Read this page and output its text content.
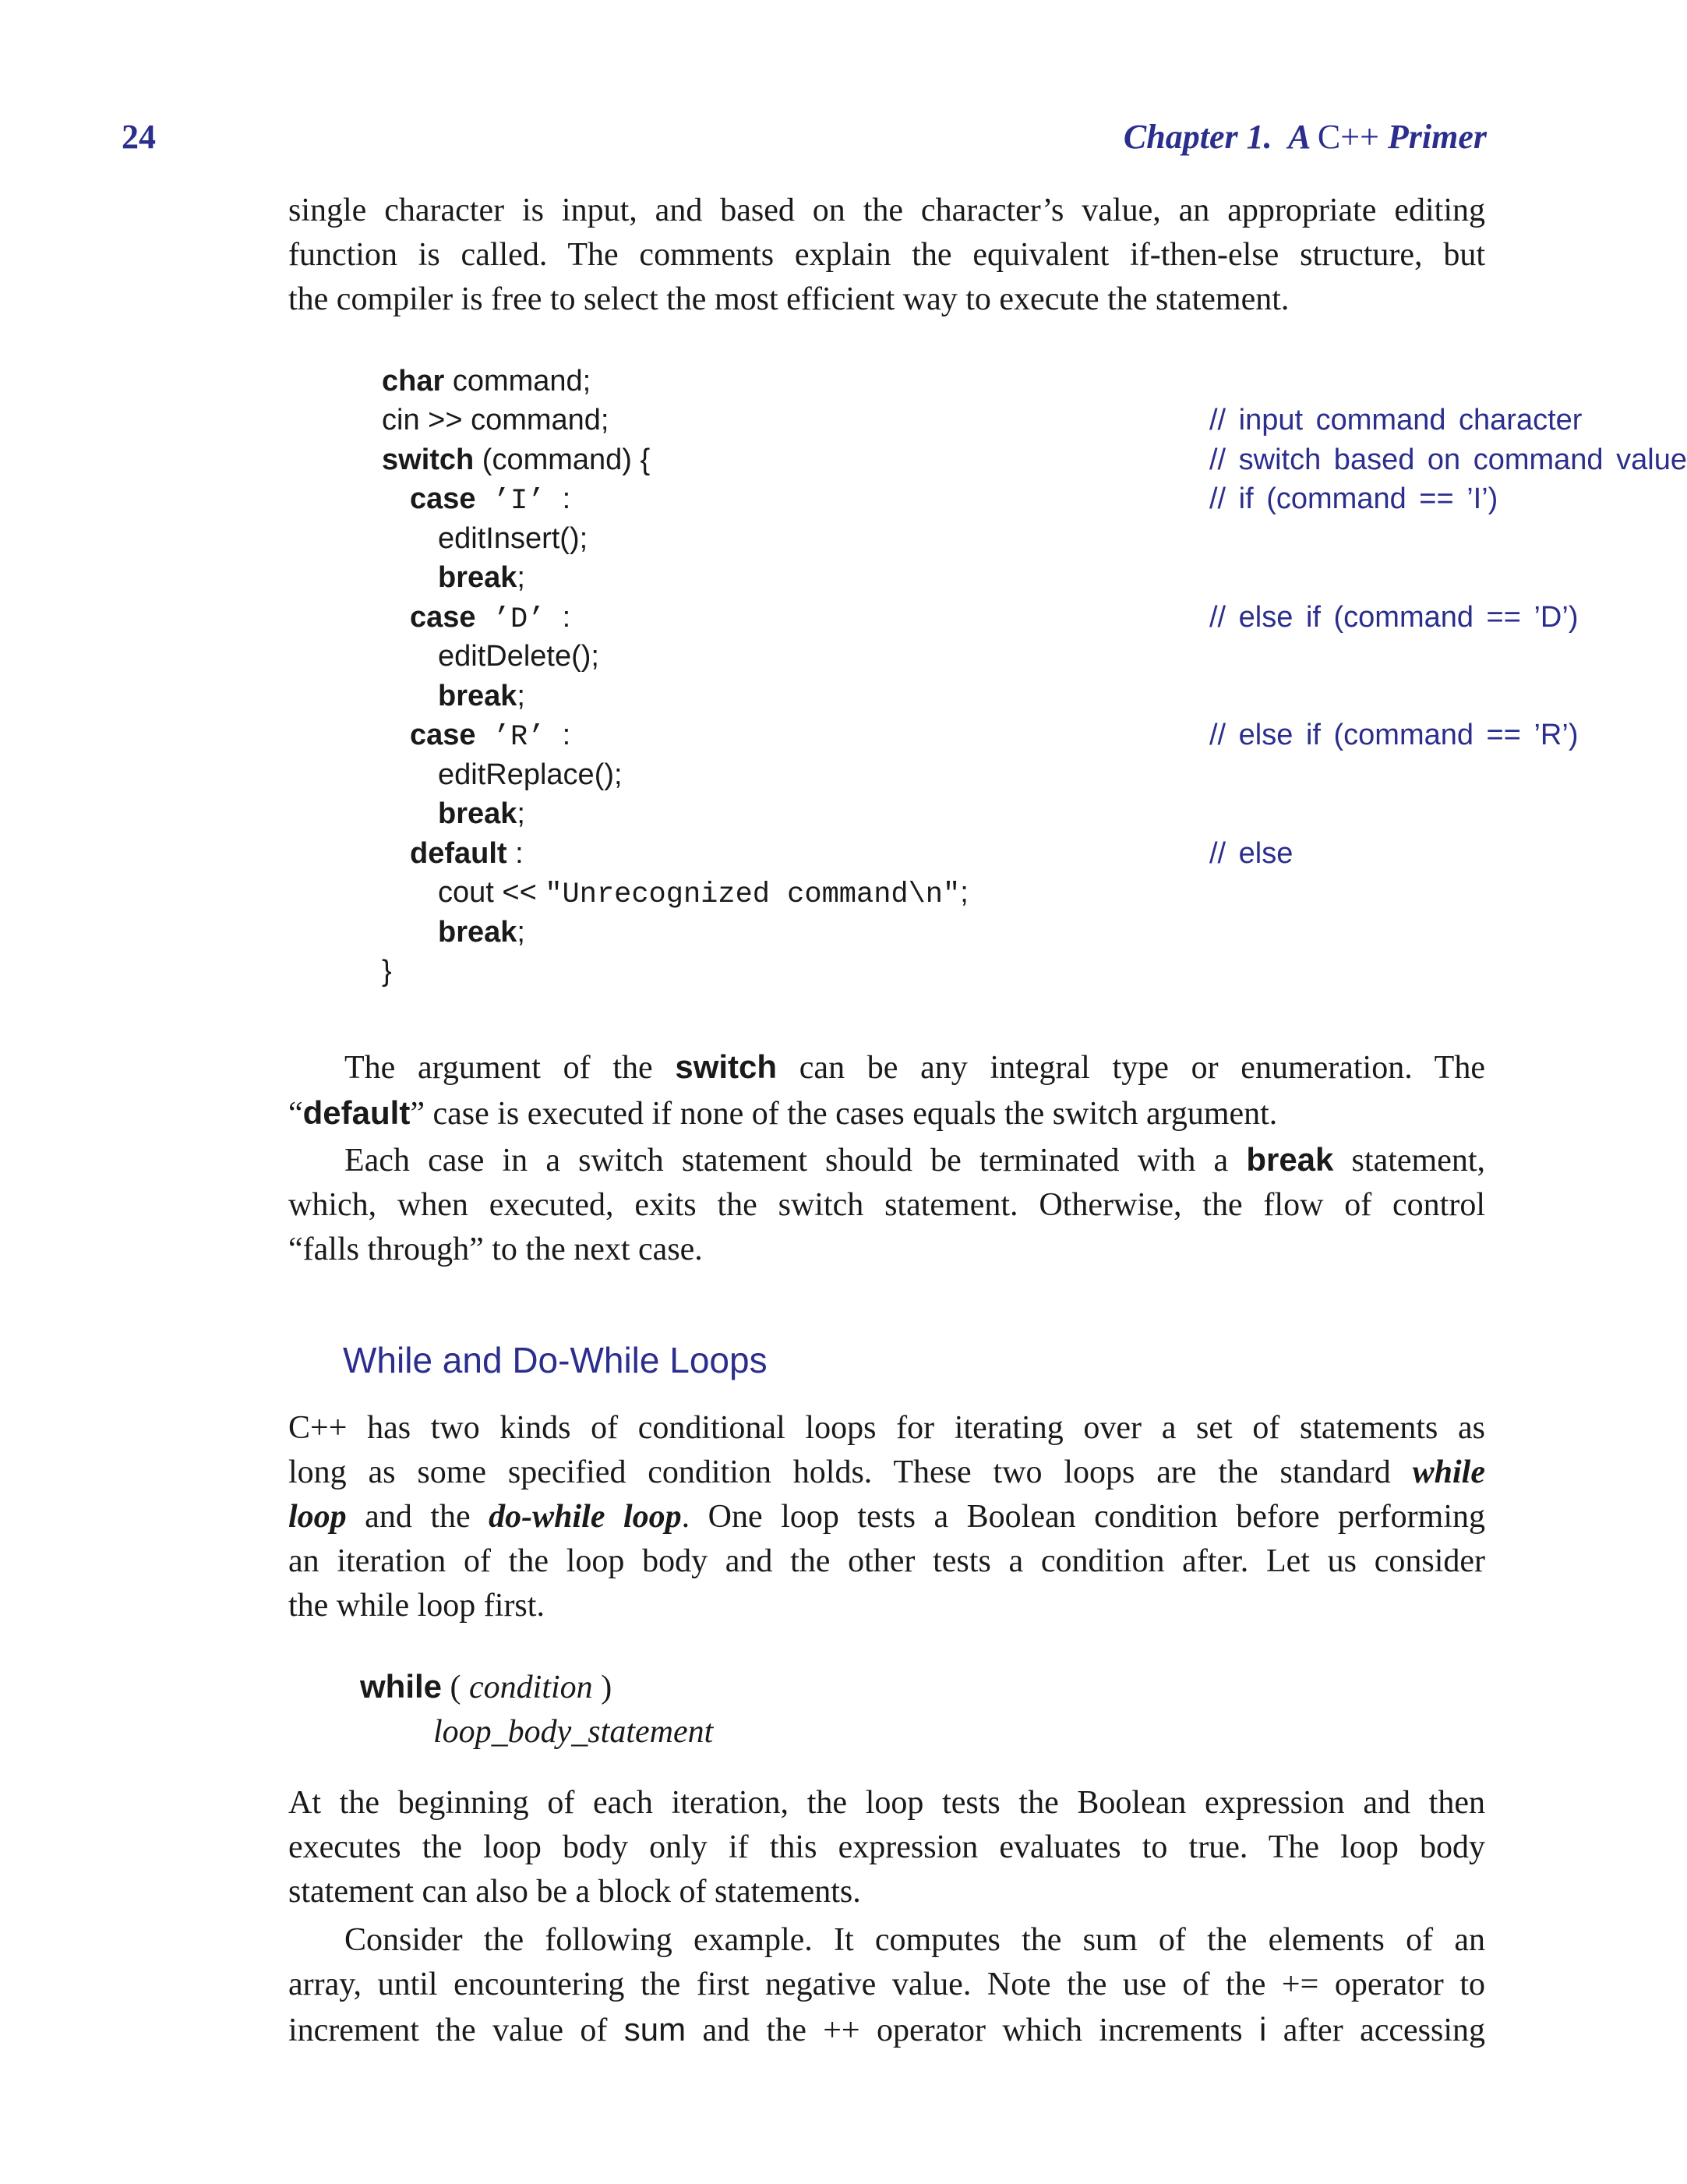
24	Chapter 1. A C++ Primer
single character is input, and based on the character’s value, an appropriate editing
function is called. The comments explain the equivalent if-then-else structure, but
the compiler is free to select the most efficient way to execute the statement.
char command;
cin >> command;	// input command character
switch (command) {	// switch based on command value
case ’I’ :	// if (command == ’I’)
editInsert();
break;
case ’D’ :	// else if (command == ’D’)
editDelete();
break;
case ’R’ :	// else if (command == ’R’)
editReplace();
break;
default :	// else
cout << "Unrecognized command\n";
break;
}
The argument of the switch can be any integral type or enumeration. The
“default” case is executed if none of the cases equals the switch argument.
Each case in a switch statement should be terminated with a break statement,
which, when executed, exits the switch statement. Otherwise, the flow of control
“falls through” to the next case.
While and Do-While Loops
C++ has two kinds of conditional loops for iterating over a set of statements as
long as some specified condition holds. These two loops are the standard while
loop and the do-while loop. One loop tests a Boolean condition before performing
an iteration of the loop body and the other tests a condition after. Let us consider
the while loop first.
while ( condition )
loop_body_statement
At the beginning of each iteration, the loop tests the Boolean expression and then
executes the loop body only if this expression evaluates to true. The loop body
statement can also be a block of statements.
Consider the following example. It computes the sum of the elements of an
array, until encountering the first negative value. Note the use of the += operator to
increment the value of sum and the ++ operator which increments i after accessing
